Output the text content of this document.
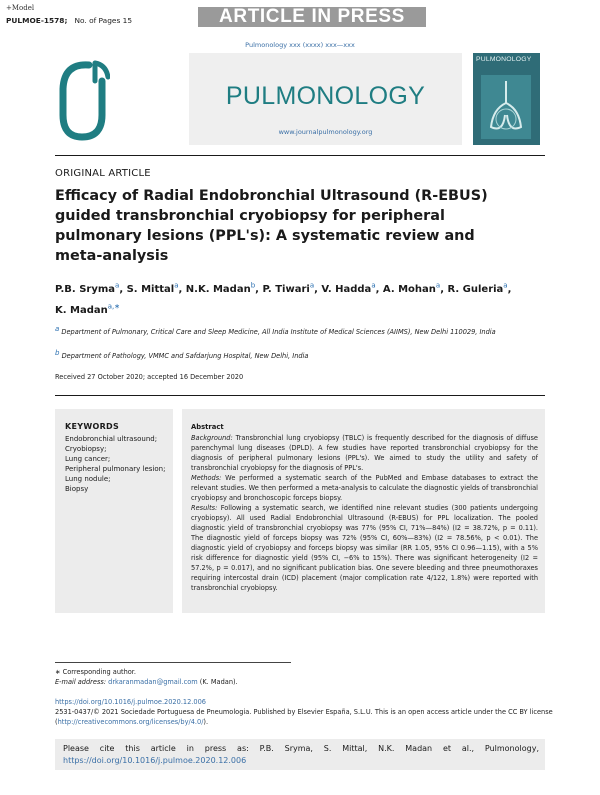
+Model
PULMOE-1578; No. of Pages 15	ARTICLE IN PRESS
Pulmonology xxx (xxxx) xxx—xxx
PULMONOLOGY
www.journalpulmonology.org
PULMONOLOGY
ORIGINAL ARTICLE
Efficacy of Radial Endobronchial Ultrasound (R-EBUS) guided transbronchial cryobiopsy for peripheral pulmonary lesions (PPL's): A systematic review and meta-analysis
P.B. Sryma$^a$, S. Mittal$^a$, N.K. Madan$^b$, P. Tiwari$^a$, V. Hadda$^a$, A. Mohan$^a$, R. Guleria$^a$, K. Madan$^{a,∗}$
$^a$ Department of Pulmonary, Critical Care and Sleep Medicine, All India Institute of Medical Sciences (AIIMS), New Delhi 110029, India
$^b$ Department of Pathology, VMMC and Safdarjung Hospital, New Delhi, India
Received 27 October 2020; accepted 16 December 2020
KEYWORDS
Endobronchial ultrasound;
Cryobiopsy;
Lung cancer;
Peripheral pulmonary lesion;
Lung nodule;
Biopsy
Abstract

Background: Transbronchial lung cryobiopsy (TBLC) is frequently described for the diagnosis of diffuse parenchymal lung diseases (DPLD). A few studies have reported transbronchial cryobiopsy for the diagnosis of peripheral pulmonary lesions (PPL's). We aimed to study the utility and safety of transbronchial cryobiopsy for the diagnosis of PPL's.

Methods: We performed a systematic search of the PubMed and Embase databases to extract the relevant studies. We then performed a meta-analysis to calculate the diagnostic yields of transbronchial cryobiopsy and bronchoscopic forceps biopsy.

Results: Following a systematic search, we identified nine relevant studies (300 patients undergoing cryobiopsy). All used Radial Endobronchial Ultrasound (R-EBUS) for PPL localization. The pooled diagnostic yield of transbronchial cryobiopsy was 77% (95% CI, 71%—84%) (I2 = 38.72%, p = 0.11). The diagnostic yield of forceps biopsy was 72% (95% CI, 60%—83%) (I2 = 78.56%, p < 0.01). The diagnostic yield of cryobiopsy and forceps biopsy was similar (RR 1.05, 95% CI 0.96—1.15), with a 5% risk difference for diagnostic yield (95% CI, −6% to 15%). There was significant heterogeneity (I2 = 57.2%, p = 0.017), and no significant publication bias. One severe bleeding and three pneumothoraxes requiring intercostal drain (ICD) placement (major complication rate 4/122, 1.8%) were reported with transbronchial cryobiopsy.

∗ Corresponding author.
E-mail address: drkaranmadan@gmail.com (K. Madan).
https://doi.org/10.1016/j.pulmoe.2020.12.006
2531-0437/© 2021 Sociedade Portuguesa de Pneumologia. Published by Elsevier España, S.L.U. This is an open access article under the CC BY license (http://creativecommons.org/licenses/by/4.0/).
Please cite this article in press as: P.B. Sryma, S. Mittal, N.K. Madan et al., Pulmonology, https://doi.org/10.1016/j.pulmoe.2020.12.006
